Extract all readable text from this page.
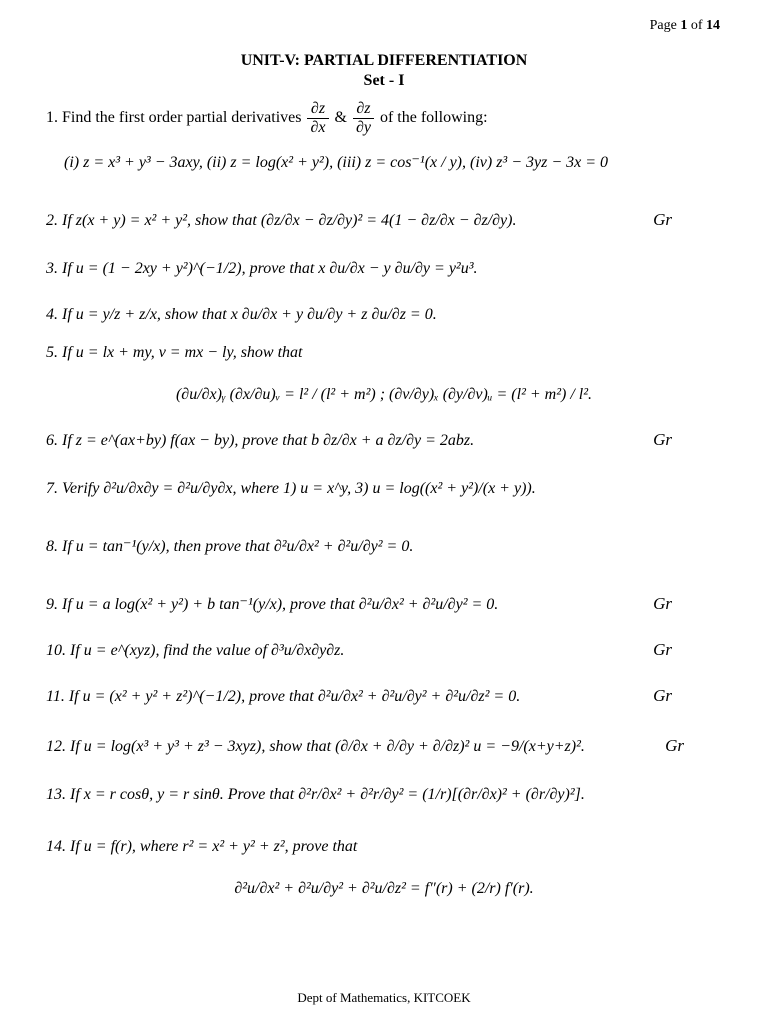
Page 1 of 14
UNIT-V: PARTIAL DIFFERENTIATION
Set - I
1. Find the first order partial derivatives $\frac{\partial z}{\partial x}$ & $\frac{\partial z}{\partial y}$ of the following:
(i) z = x³ + y³ − 3axy, (ii) z = log(x² + y²), (iii) z = cos⁻¹(x / y), (iv) z³ − 3yz − 3x = 0
2. If z(x + y) = x² + y², show that (∂z/∂x − ∂z/∂y)² = 4(1 − ∂z/∂x − ∂z/∂y).	Gr
3. If u = (1 − 2xy + y²)^(−1/2), prove that x ∂u/∂x − y ∂u/∂y = y²u³.
4. If u = y/z + z/x, show that x ∂u/∂x + y ∂u/∂y + z ∂u/∂z = 0.
5. If u = lx + my, v = mx − ly, show that
(∂u/∂x)ᵧ (∂x/∂u)ᵥ = l² / (l² + m²) ; (∂v/∂y)ₓ (∂y/∂v)ᵤ = (l² + m²) / l².
6. If z = e^(ax+by) f(ax − by), prove that b ∂z/∂x + a ∂z/∂y = 2abz.	Gr
7. Verify ∂²u/∂x∂y = ∂²u/∂y∂x, where 1) u = x^y, 3) u = log((x² + y²)/(x + y)).
8. If u = tan⁻¹(y/x), then prove that ∂²u/∂x² + ∂²u/∂y² = 0.
9. If u = a log(x² + y²) + b tan⁻¹(y/x), prove that ∂²u/∂x² + ∂²u/∂y² = 0.	Gr
10. If u = e^(xyz), find the value of ∂³u/∂x∂y∂z.	Gr
11. If u = (x² + y² + z²)^(−1/2), prove that ∂²u/∂x² + ∂²u/∂y² + ∂²u/∂z² = 0.	Gr
12. If u = log(x³ + y³ + z³ − 3xyz), show that (∂/∂x + ∂/∂y + ∂/∂z)² u = −9/(x+y+z)².	Gr
13. If x = r cosθ, y = r sinθ. Prove that ∂²r/∂x² + ∂²r/∂y² = (1/r)[(∂r/∂x)² + (∂r/∂y)²].
14. If u = f(r), where r² = x² + y² + z², prove that
∂²u/∂x² + ∂²u/∂y² + ∂²u/∂z² = f″(r) + (2/r) f′(r).
Dept of Mathematics, KITCOEK
